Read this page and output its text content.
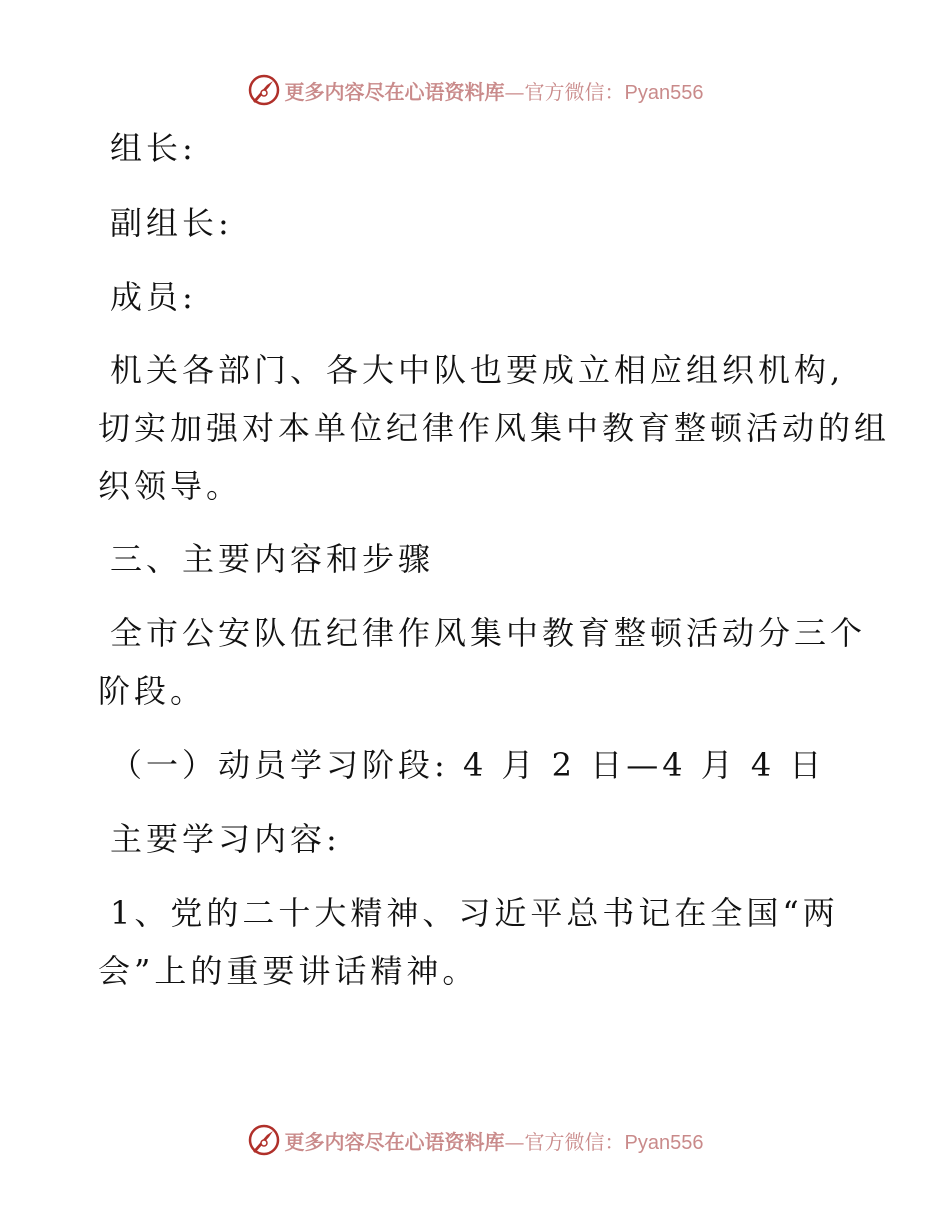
更多内容尽在心语资料库—官方微信：Pyan556
组长:
副组长:
成员:
机关各部门、各大中队也要成立相应组织机构,
切实加强对本单位纪律作风集中教育整顿活动的组
织领导。
三、主要内容和步骤
全市公安队伍纪律作风集中教育整顿活动分三个
阶段。
（一）动员学习阶段: 4 月 2 日—4 月 4 日
主要学习内容:
1、党的二十大精神、习近平总书记在全国“两
会”上的重要讲话精神。
更多内容尽在心语资料库—官方微信：Pyan556
